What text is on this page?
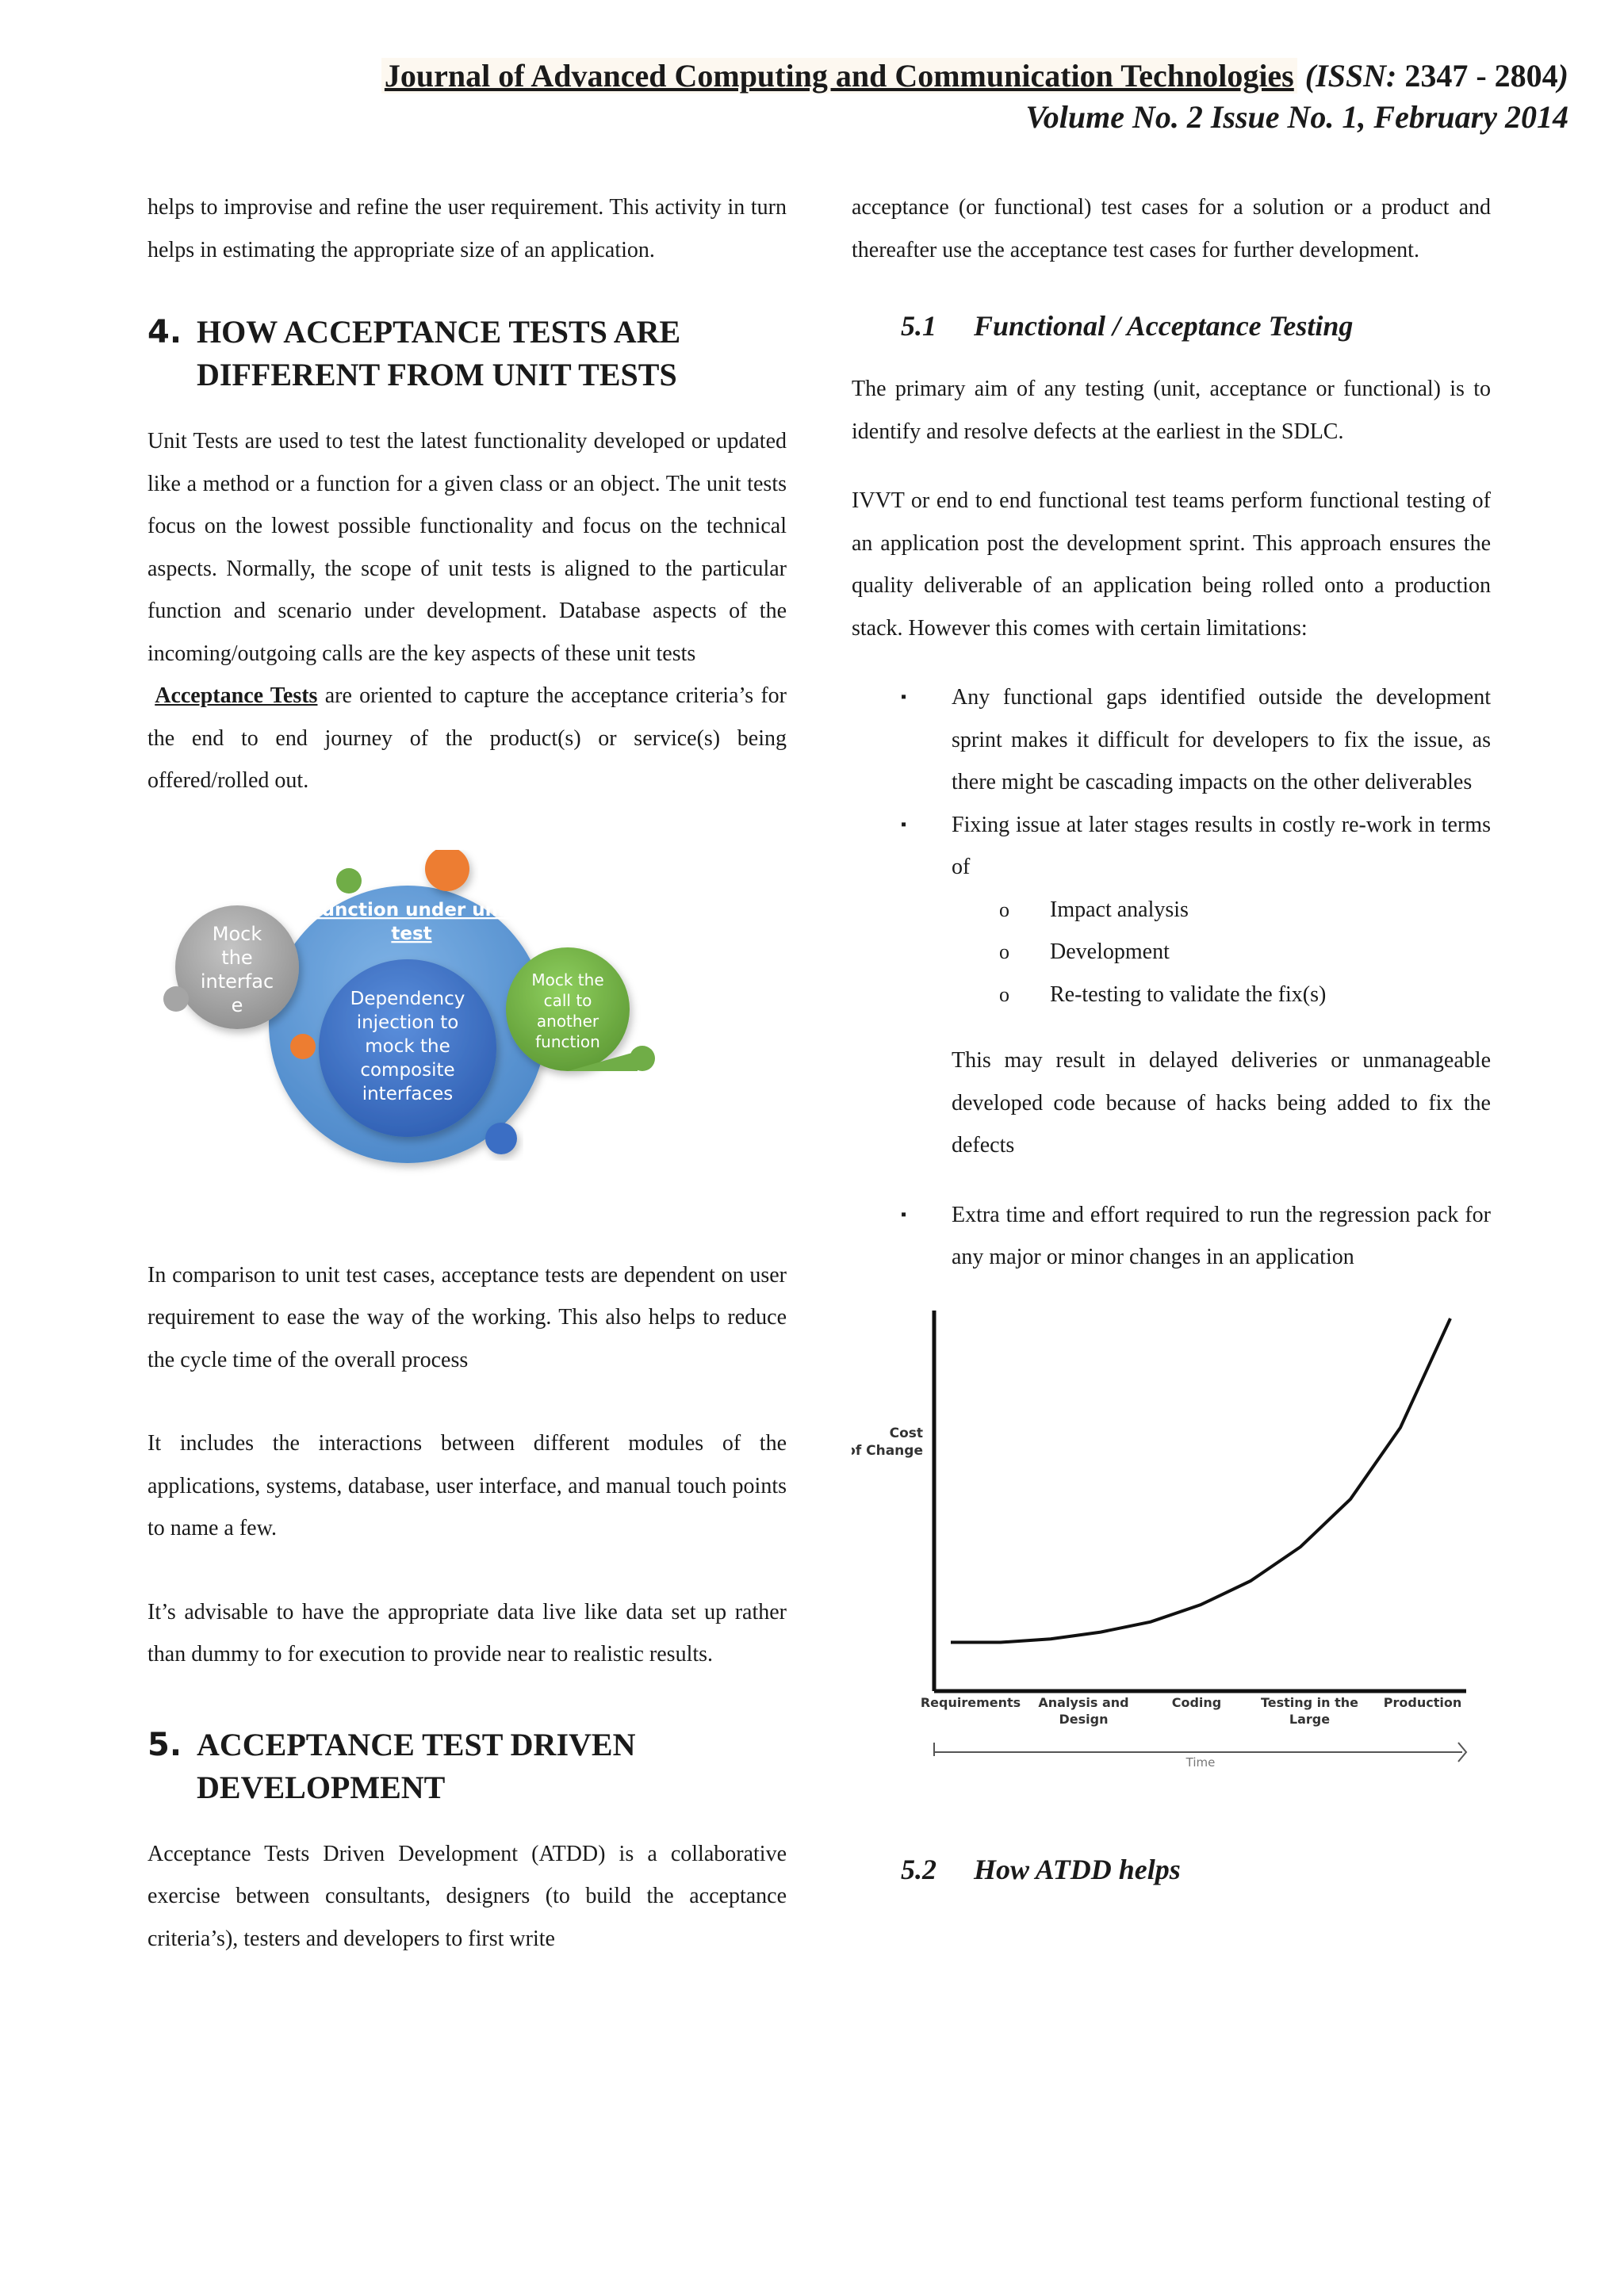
Journal of Advanced Computing and Communication Technologies (ISSN: 2347 - 2804)
Volume No. 2 Issue No. 1, February 2014

helps to improvise and refine the user requirement. This activity in turn helps in estimating the appropriate size of an application.

4. HOW ACCEPTANCE TESTS ARE DIFFERENT FROM UNIT TESTS

Unit Tests are used to test the latest functionality developed or updated like a method or a function for a given class or an object. The unit tests focus on the lowest possible functionality and focus on the technical aspects. Normally, the scope of unit tests is aligned to the particular function and scenario under development. Database aspects of the incoming/outgoing calls are the key aspects of these unit tests

Acceptance Tests are oriented to capture the acceptance criteria’s for the end to end journey of the product(s) or service(s) being offered/rolled out.

Function under unit
test
Dependency
injection to
mock the
composite
interfaces
Mock
the
interfac
e
Mock the
call to
another
function

In comparison to unit test cases, acceptance tests are dependent on user requirement to ease the way of the working. This also helps to reduce the cycle time of the overall process

It includes the interactions between different modules of the applications, systems, database, user interface, and manual touch points to name a few.

It’s advisable to have the appropriate data live like data set up rather than dummy to for execution to provide near to realistic results.

5. ACCEPTANCE TEST DRIVEN DEVELOPMENT

Acceptance Tests Driven Development (ATDD) is a collaborative exercise between consultants, designers (to build the acceptance criteria’s), testers and developers to first write

acceptance (or functional) test cases for a solution or a product and thereafter use the acceptance test cases for further development.

5.1	Functional / Acceptance Testing

The primary aim of any testing (unit, acceptance or functional) is to identify and resolve defects at the earliest in the SDLC.

IVVT or end to end functional test teams perform functional testing of an application post the development sprint. This approach ensures the quality deliverable of an application being rolled onto a production stack. However this comes with certain limitations:

▪ Any functional gaps identified outside the development sprint makes it difficult for developers to fix the issue, as there might be cascading impacts on the other deliverables
▪ Fixing issue at later stages results in costly re-work in terms of
o Impact analysis
o Development
o Re-testing to validate the fix(s)

This may result in delayed deliveries or unmanageable developed code because of hacks being added to fix the defects

▪ Extra time and effort required to run the regression pack for any major or minor changes in an application
Cost
of Change
Requirements Analysis and
Design
Coding	Testing in the
Large
Production
Time
5.2	How ATDD helps
